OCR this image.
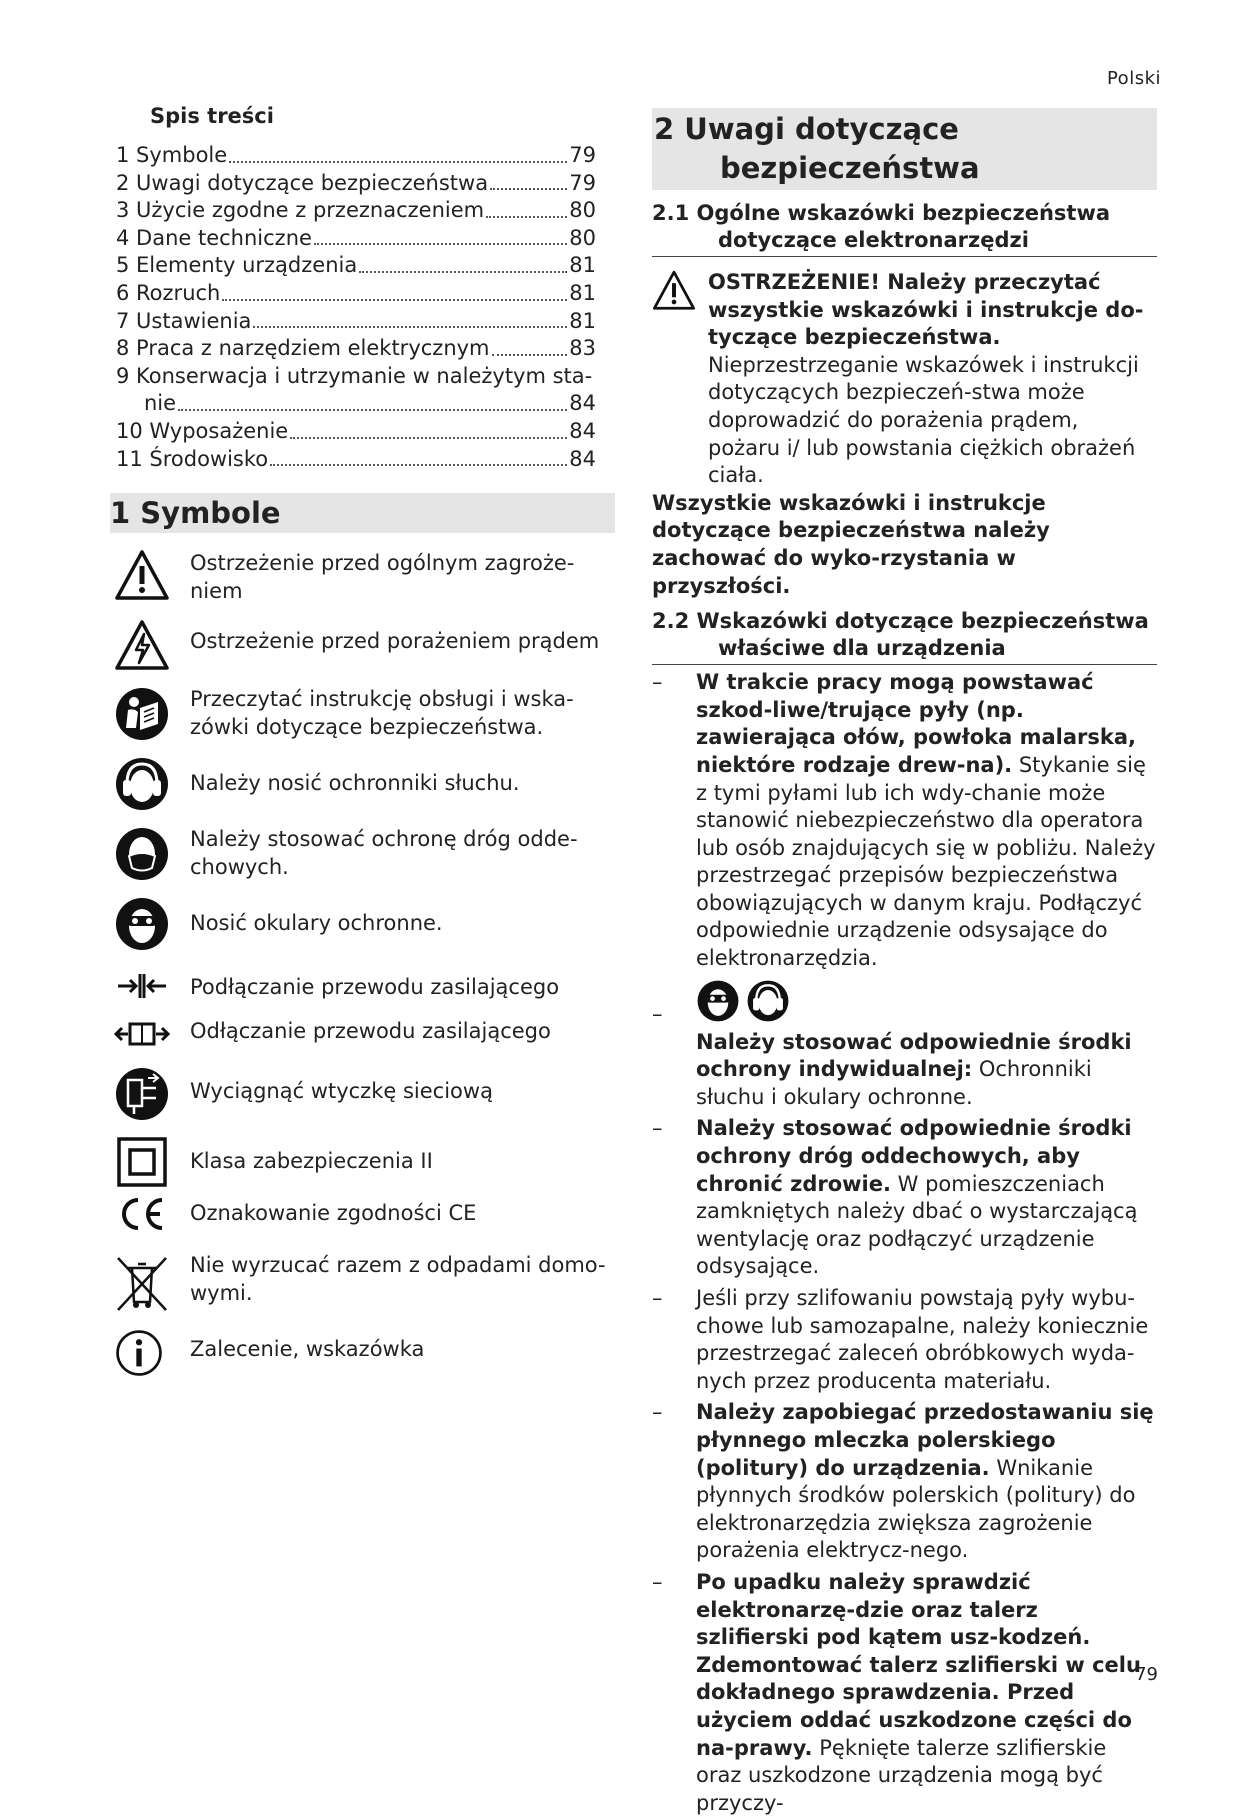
Polski
Spis treści
1 Symbole	79
2 Uwagi dotyczące bezpieczeństwa	79
3 Użycie zgodne z przeznaczeniem	80
4 Dane techniczne	80
5 Elementy urządzenia	81
6 Rozruch	81
7 Ustawienia	81
8 Praca z narzędziem elektrycznym	83
9 Konserwacja i utrzymanie w należytym sta-
nie	84
10 Wyposażenie	84
11 Środowisko	84
1 Symbole
Ostrzeżenie przed ogólnym zagroże-niem
Ostrzeżenie przed porażeniem prądem
Przeczytać instrukcję obsługi i wska-zówki dotyczące bezpieczeństwa.
Należy nosić ochronniki słuchu.
Należy stosować ochronę dróg odde-chowych.
Nosić okulary ochronne.
Podłączanie przewodu zasilającego
Odłączanie przewodu zasilającego
Wyciągnąć wtyczkę sieciową
Klasa zabezpieczenia II
Oznakowanie zgodności CE
Nie wyrzucać razem z odpadami domo-wymi.
Zalecenie, wskazówka
2 Uwagi dotyczące
bezpieczeństwa
2.1 Ogólne wskazówki bezpieczeństwa
dotyczące elektronarzędzi

OSTRZEŻENIE! Należy przeczytać wszystkie wskazówki i instrukcje do-tyczące bezpieczeństwa. Nieprzestrzeganie wskazówek i instrukcji dotyczących bezpieczeń-stwa może doprowadzić do porażenia prądem, pożaru i/ lub powstania ciężkich obrażeń ciała.

Wszystkie wskazówki i instrukcje dotyczące bezpieczeństwa należy zachować do wyko-rzystania w przyszłości.

2.2 Wskazówki dotyczące bezpieczeństwa
właściwe dla urządzenia
– W trakcie pracy mogą powstawać szkod-liwe/trujące pyły (np. zawierająca ołów, powłoka malarska, niektóre rodzaje drew-na). Stykanie się z tymi pyłami lub ich wdy-chanie może stanowić niebezpieczeństwo dla operatora lub osób znajdujących się w pobliżu. Należy przestrzegać przepisów bezpieczeństwa obowiązujących w danym kraju. Podłączyć odpowiednie urządzenie odsysające do elektronarzędzia.
–
Należy stosować odpowiednie środki ochrony indywidualnej: Ochronniki słuchu i okulary ochronne.
– Należy stosować odpowiednie środki ochrony dróg oddechowych, aby chronić zdrowie. W pomieszczeniach zamkniętych należy dbać o wystarczającą wentylację oraz podłączyć urządzenie odsysające.
– Jeśli przy szlifowaniu powstają pyły wybu-chowe lub samozapalne, należy koniecznie przestrzegać zaleceń obróbkowych wyda-nych przez producenta materiału.
– Należy zapobiegać przedostawaniu się płynnego mleczka polerskiego (politury) do urządzenia. Wnikanie płynnych środków polerskich (politury) do elektronarzędzia zwiększa zagrożenie porażenia elektrycz-nego.
– Po upadku należy sprawdzić elektronarzę-dzie oraz talerz szlifierski pod kątem usz-kodzeń. Zdemontować talerz szlifierski w celu dokładnego sprawdzenia. Przed użyciem oddać uszkodzone części do na-prawy. Pęknięte talerze szlifierskie oraz uszkodzone urządzenia mogą być przyczy-
79
